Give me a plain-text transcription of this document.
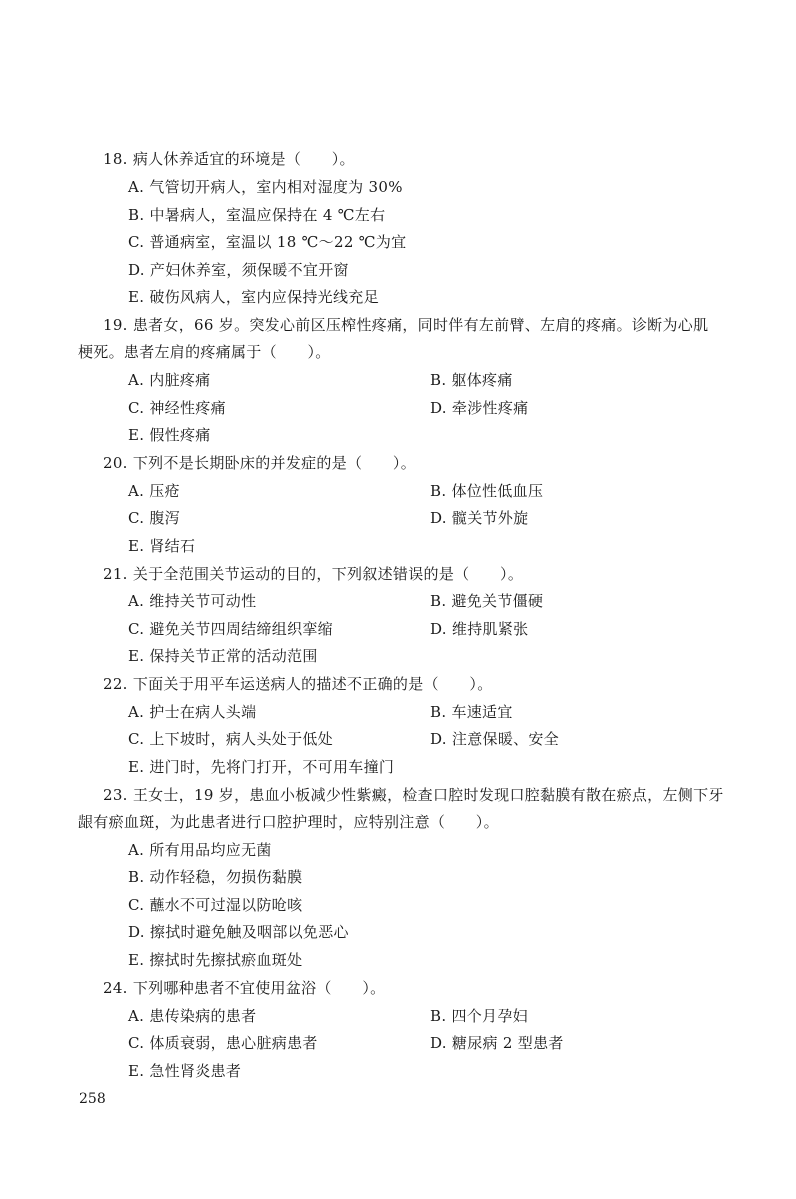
18. 病人休养适宜的环境是（　　）。
A. 气管切开病人，室内相对湿度为 30%
B. 中暑病人，室温应保持在 4 ℃左右
C. 普通病室，室温以 18 ℃～22 ℃为宜
D. 产妇休养室，须保暖不宜开窗
E. 破伤风病人，室内应保持光线充足
19. 患者女，66 岁。突发心前区压榨性疼痛，同时伴有左前臂、左肩的疼痛。诊断为心肌
梗死。患者左肩的疼痛属于（　　）。
A. 内脏疼痛	B. 躯体疼痛
C. 神经性疼痛	D. 牵涉性疼痛
E. 假性疼痛
20. 下列不是长期卧床的并发症的是（　　）。
A. 压疮	B. 体位性低血压
C. 腹泻	D. 髋关节外旋
E. 肾结石
21. 关于全范围关节运动的目的，下列叙述错误的是（　　）。
A. 维持关节可动性	B. 避免关节僵硬
C. 避免关节四周结缔组织挛缩	D. 维持肌紧张
E. 保持关节正常的活动范围
22. 下面关于用平车运送病人的描述不正确的是（　　）。
A. 护士在病人头端	B. 车速适宜
C. 上下坡时，病人头处于低处	D. 注意保暖、安全
E. 进门时，先将门打开，不可用车撞门
23. 王女士，19 岁，患血小板减少性紫癜，检查口腔时发现口腔黏膜有散在瘀点，左侧下牙
龈有瘀血斑，为此患者进行口腔护理时，应特别注意（　　）。
A. 所有用品均应无菌
B. 动作轻稳，勿损伤黏膜
C. 蘸水不可过湿以防呛咳
D. 擦拭时避免触及咽部以免恶心
E. 擦拭时先擦拭瘀血斑处
24. 下列哪种患者不宜使用盆浴（　　）。
A. 患传染病的患者	B. 四个月孕妇
C. 体质衰弱，患心脏病患者	D. 糖尿病 2 型患者
E. 急性肾炎患者
258
